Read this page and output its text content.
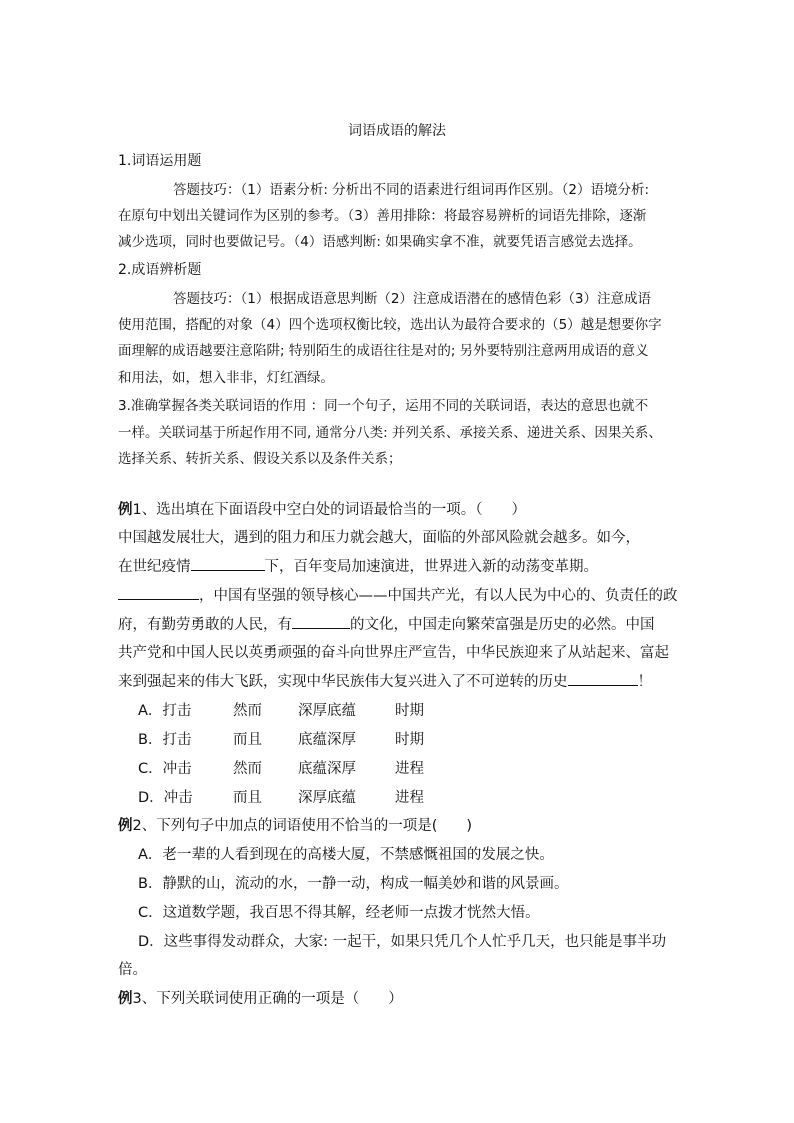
词语成语的解法
1.词语运用题
答题技巧：（1）语素分析: 分析出不同的语素进行组词再作区别。（2）语境分析:
在原句中划出关键词作为区别的参考。（3）善用排除：将最容易辨析的词语先排除，逐渐
减少选项，同时也要做记号。（4）语感判断: 如果确实拿不准，就要凭语言感觉去选择。
2.成语辨析题
答题技巧：（1）根据成语意思判断（2）注意成语潜在的感情色彩（3）注意成语
使用范围，搭配的对象（4）四个选项权衡比较，选出认为最符合要求的（5）越是想要你字
面理解的成语越要注意陷阱; 特别陌生的成语往往是对的; 另外要特别注意两用成语的意义
和用法，如，想入非非，灯红酒绿。
3.准确掌握各类关联词语的作用 ：同一个句子，运用不同的关联词语，表达的意思也就不
一样。关联词基于所起作用不同, 通常分八类: 并列关系、承接关系、递进关系、因果关系、
选择关系、转折关系、假设关系以及条件关系；
例1、选出填在下面语段中空白处的词语最恰当的一项。（　　）
中国越发展壮大，遇到的阻力和压力就会越大，面临的外部风险就会越多。如今，
在世纪疫情	下，百年变局加速演进，世界进入新的动荡变革期。
，中国有坚强的领导核心——中国共产光，有以人民为中心的、负责任的政
府，有勤劳勇敢的人民，有	的文化，中国走向繁荣富强是历史的必然。中国
共产党和中国人民以英勇顽强的奋斗向世界庄严宣告，中华民族迎来了从站起来、富起
来到强起来的伟大飞跃，实现中华民族伟大复兴进入了不可逆转的历史	！
A．打击	然而 深厚底蕴	时期
B．打击	而且 底蕴深厚	时期
C．冲击	然而 底蕴深厚	进程
D．冲击	而且 深厚底蕴	进程
例2、下列句子中加点的词语使用不恰当的一项是(　　)
A．老一辈的人看到现在的高楼大厦，不禁感慨祖国的发展之快。
B．静默的山，流动的水，一静一动，构成一幅美妙和谐的风景画。
C．这道数学题，我百思不得其解，经老师一点拨才恍然大悟。
D．这些事得发动群众，大家: 一起干，如果只凭几个人忙乎几天，也只能是事半功
倍。
例3、下列关联词使用正确的一项是（　　）
